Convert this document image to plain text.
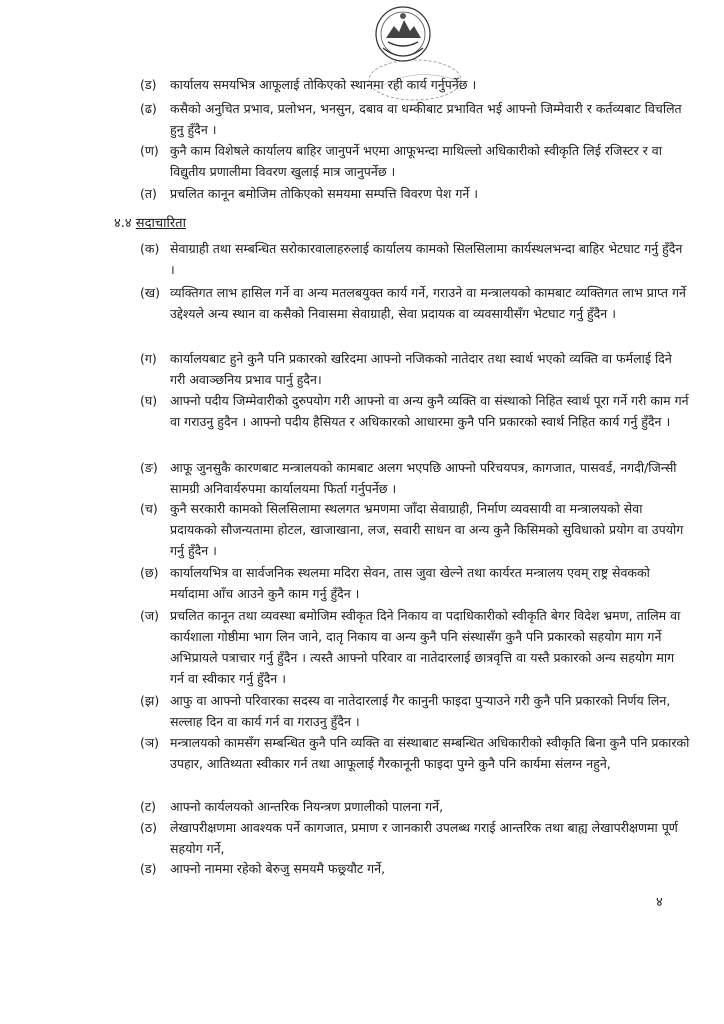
(ड) कार्यालय समयभित्र आफूलाई तोकिएको स्थानमा रही कार्य गर्नुपर्नेछ ।
(ढ) कसैको अनुचित प्रभाव, प्रलोभन, भनसुन, दबाव वा धम्कीबाट प्रभावित भई आफ्नो जिम्मेवारी र कर्तव्यबाट विचलित हुनु हुँदैन ।
(ण) कुनै काम विशेषले कार्यालय बाहिर जानुपर्ने भएमा आफूभन्दा माथिल्लो अधिकारीको स्वीकृति लिई रजिस्टर र वा विद्युतीय प्रणालीमा विवरण खुलाई मात्र जानुपर्नेछ ।
(त) प्रचलित कानून बमोजिम तोकिएको समयमा सम्पत्ति विवरण पेश गर्ने ।
४.४ सदाचारिता
(क) सेवाग्राही तथा सम्बन्धित सरोकारवालाहरुलाई कार्यालय कामको सिलसिलामा कार्यस्थलभन्दा बाहिर भेटघाट गर्नु हुँदैन ।
(ख) व्यक्तिगत लाभ हासिल गर्ने वा अन्य मतलबयुक्त कार्य गर्ने, गराउने वा मन्त्रालयको कामबाट व्यक्तिगत लाभ प्राप्त गर्ने उद्देश्यले अन्य स्थान वा कसैको निवासमा सेवाग्राही, सेवा प्रदायक वा व्यवसायीसँग भेटघाट गर्नु हुँदैन ।
(ग) कार्यालयबाट हुने कुनै पनि प्रकारको खरिदमा आफ्नो नजिकको नातेदार तथा स्वार्थ भएको व्यक्ति वा फर्मलाई दिने गरी अवाञ्छनिय प्रभाव पार्नु हुदैन।
(घ) आफ्नो पदीय जिम्मेवारीको दुरुपयोग गरी आफ्नो वा अन्य कुनै व्यक्ति वा संस्थाको निहित स्वार्थ पूरा गर्ने गरी काम गर्न वा गराउनु हुदैन । आफ्नो पदीय हैसियत र अधिकारको आधारमा कुनै पनि प्रकारको स्वार्थ निहित कार्य गर्नु हुँदैन ।
(ङ) आफू जुनसुकै कारणबाट मन्त्रालयको कामबाट अलग भएपछि आफ्नो परिचयपत्र, कागजात, पासवर्ड, नगदी/जिन्सी सामग्री अनिवार्यरुपमा कार्यालयमा फिर्ता गर्नुपर्नेछ ।
(च) कुनै सरकारी कामको सिलसिलामा स्थलगत भ्रमणमा जाँदा सेवाग्राही, निर्माण व्यवसायी वा मन्त्रालयको सेवा प्रदायकको सौजन्यतामा होटल, खाजाखाना, लज, सवारी साधन वा अन्य कुनै किसिमको सुविधाको प्रयोग वा उपयोग गर्नु हुँदैन ।
(छ) कार्यालयभित्र वा सार्वजनिक स्थलमा मदिरा सेवन, तास जुवा खेल्ने तथा कार्यरत मन्त्रालय एवम् राष्ट्र सेवकको मर्यादामा आँच आउने कुनै काम गर्नु हुँदैन ।
(ज) प्रचलित कानून तथा व्यवस्था बमोजिम स्वीकृत दिने निकाय वा पदाधिकारीको स्वीकृति बेगर विदेश भ्रमण, तालिम वा कार्यशाला गोष्ठीमा भाग लिन जाने, दातृ निकाय वा अन्य कुनै पनि संस्थासँग कुनै पनि प्रकारको सहयोग माग गर्ने अभिप्रायले पत्राचार गर्नु हुँदैन । त्यस्तै आफ्नो परिवार वा नातेदारलाई छात्रवृत्ति वा यस्तै प्रकारको अन्य सहयोग माग गर्न वा स्वीकार गर्नु हुँदैन ।
(झ) आफु वा आफ्नो परिवारका सदस्य वा नातेदारलाई गैर कानुनी फाइदा पुऱ्याउने गरी कुनै पनि प्रकारको निर्णय लिन, सल्लाह दिन वा कार्य गर्न वा गराउनु हुँदैन ।
(ञ) मन्त्रालयको कामसँग सम्बन्धित कुनै पनि व्यक्ति वा संस्थाबाट सम्बन्धित अधिकारीको स्वीकृति बिना कुनै पनि प्रकारको उपहार, आतिथ्यता स्वीकार गर्न तथा आफूलाई गैरकानूनी फाइदा पुग्ने कुनै पनि कार्यमा संलग्न नहुने,
(ट) आफ्नो कार्यलयको आन्तरिक नियन्त्रण प्रणालीको पालना गर्ने,
(ठ) लेखापरीक्षणमा आवश्यक पर्ने कागजात, प्रमाण र जानकारी उपलब्ध गराई आन्तरिक तथा बाह्य लेखापरीक्षणमा पूर्ण सहयोग गर्ने,
(ड) आफ्नो नाममा रहेको बेरुजु समयमै फछ्र्यौट गर्ने,
४
